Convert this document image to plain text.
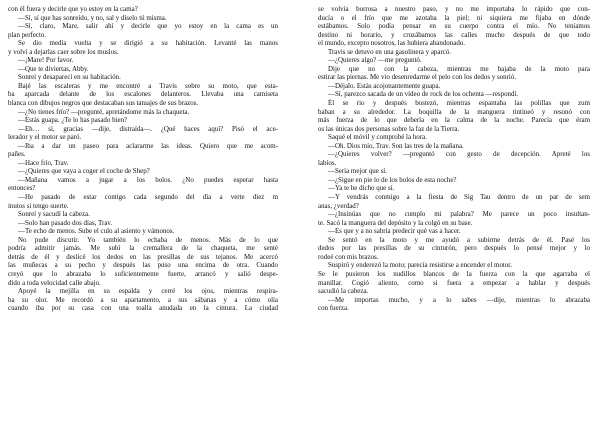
con él fuera y decirle que yo estoy en la cama?
—Sí, sí que has sonreído, y no, sal y díselo tú misma.
—Sí, claro, Mare, salir ahí y decirle que yo estoy en la cama es un
plan perfecto.
Se dio media vuelta y se dirigió a su habitación. Levanté las manos
y volví a dejarlas caer sobre los muslos.
—¡Mare! Por favor.
—Que te diviertas, Abby.
Sonreí y desaparecí en su habitación.
Bajé las escaleras y me encontré a Travis sobre su moto, que esta-
ba aparcada delante de los escalones delanteros. Llevaba una camiseta
blanca con dibujos negros que destacaban sus tatuajes de sus brazos.
—¿No tienes frío? —pregunté, apretándome más la chaqueta.
—Estás guapa. ¿Te lo has pasado bien?
—Eh… sí, gracias —dije, distraída—. ¿Qué haces aquí? Pisó el ace-
lerador y el motor se paró.
—Iba a dar un paseo para aclararme las ideas. Quiero que me acom-
pañes.
—Hace frío, Trav.
—¿Quieres que vaya a coger el coche de Shep?
—Mañana vamos a jugar a los bolos. ¿No puedes esperar hasta
entonces?
—He pasado de estar contigo cada segundo del día a verte diez m
inutos si tengo suerte.
Sonreí y sacudí la cabeza.
—Solo han pasado dos días, Trav.
—Te echo de menos. Sube el culo al asiento y vámonos.
No pude discutir. Yo también lo echaba de menos. Más de lo que
podría admitir jamás. Me subí la cremallera de la chaqueta, me senté
detrás de él y deslicé los dedos en las presillas de sus tejanos. Me acercó
las muñecas a su pecho y después las puso una encima de otra. Cuando
creyó que lo abrazaba lo suficientemente fuerte, arrancó y salió despe-
dido a toda velocidad calle abajo.
Apoyé la mejilla en su espalda y cerré los ojos, mientras respira-
ba su olor. Me recordó a su apartamento, a sus sábanas y a cómo olía
cuando iba por su casa con una toalla anudada en la cintura. La ciudad
se volvía borrosa a nuestro paso, y no me importaba lo rápido que con-
ducía o el frío que me azotaba la piel; ni siquiera me fijaba en dónde
estábamos. Solo podía pensar en su cuerpo contra el mío. No teníamos
destino ni horario, y cruzábamos las calles mucho después de que todo
el mundo, excepto nosotros, las hubiera abandonado.
Travis se detuvo en una gasolinera y aparcó.
—¿Quieres algo? —me preguntó.
Dije que no con la cabeza, mientras me bajaba de la moto para
estirar las piernas. Me vio desenredarme el pelo con los dedos y sonrió.
—Déjalo. Estás acojonantemente guapa.
—Sí, parezco sacada de un vídeo de rock de los ochenta —respondí.
Él se rio y después bostezó, mientras espantaba las polillas que zum
baban a su alrededor. La boquilla de la manguera tintineó y resonó con
más fuerza de lo que debería en la calma de la noche. Parecía que éram
os las únicas dos personas sobre la faz de la Tierra.
Saqué el móvil y comprobé la hora.
—Oh. Dios mío, Trav. Son las tres de la mañana.
—¿Quieres volver? —preguntó con gesto de decepción. Apreté los
labios.
—Sería mejor que sí.
—¿Sigue en pie lo de los bolos de esta noche?
—Ya te he dicho que sí.
—Y vendrás conmigo a la fiesta de Sig Tau dentro de un par de sem
anas, ¿verdad?
—¿Insinúas que no cumplo mi palabra? Me parece un poco insultan-
te. Sacó la manguera del depósito y la colgó en su base.
—Es que y a no sabría predecir qué vas a hacer.
Se sentó en la moto y me ayudó a subirme detrás de él. Pasé los
dedos por las presillas de su cinturón, pero después lo pensé mejor y lo
rodeé con mis brazos.
Suspiró y enderezó la moto; parecía resistirse a encender el motor.
Se le pusieron los nudillos blancos de la fuerza con la que agarraba el
manillar. Cogió aliento, como si fuera a empezar a hablar y después
sacudió la cabeza.
—Me importas mucho, y a lo sabes —dije, mientras lo abrazaba
con fuerza.
